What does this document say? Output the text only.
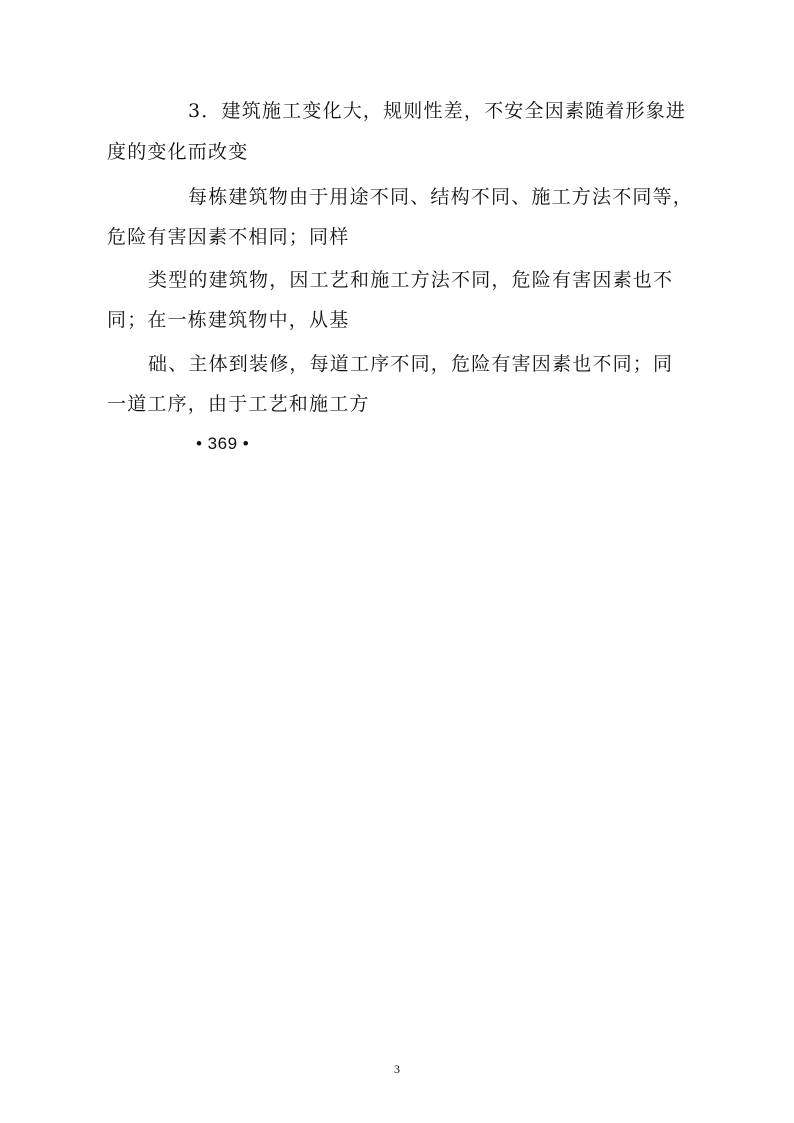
3．建筑施工变化大，规则性差，不安全因素随着形象进
度的变化而改变
每栋建筑物由于用途不同、结构不同、施工方法不同等，
危险有害因素不相同；同样
类型的建筑物，因工艺和施工方法不同，危险有害因素也不
同；在一栋建筑物中，从基
础、主体到装修，每道工序不同，危险有害因素也不同；同
一道工序，由于工艺和施工方
• 369 •
3
